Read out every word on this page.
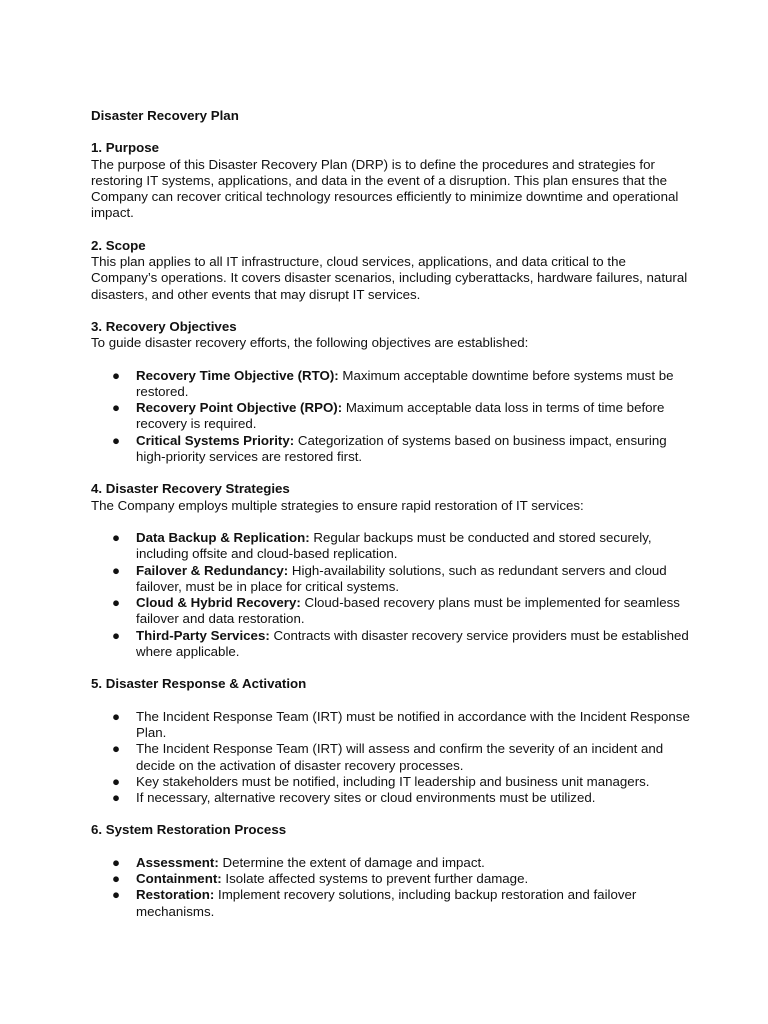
Disaster Recovery Plan

1. Purpose

The purpose of this Disaster Recovery Plan (DRP) is to define the procedures and strategies for restoring IT systems, applications, and data in the event of a disruption. This plan ensures that the Company can recover critical technology resources efficiently to minimize downtime and operational impact.

2. Scope

This plan applies to all IT infrastructure, cloud services, applications, and data critical to the Company’s operations. It covers disaster scenarios, including cyberattacks, hardware failures, natural disasters, and other events that may disrupt IT services.

3. Recovery Objectives

To guide disaster recovery efforts, the following objectives are established:

● Recovery Time Objective (RTO): Maximum acceptable downtime before systems must be restored.
● Recovery Point Objective (RPO): Maximum acceptable data loss in terms of time before recovery is required.
● Critical Systems Priority: Categorization of systems based on business impact, ensuring high-priority services are restored first.

4. Disaster Recovery Strategies

The Company employs multiple strategies to ensure rapid restoration of IT services:

● Data Backup & Replication: Regular backups must be conducted and stored securely, including offsite and cloud-based replication.
● Failover & Redundancy: High-availability solutions, such as redundant servers and cloud failover, must be in place for critical systems.
● Cloud & Hybrid Recovery: Cloud-based recovery plans must be implemented for seamless failover and data restoration.
● Third-Party Services: Contracts with disaster recovery service providers must be established where applicable.

5. Disaster Response & Activation

● The Incident Response Team (IRT) must be notified in accordance with the Incident Response Plan.
● The Incident Response Team (IRT) will assess and confirm the severity of an incident and decide on the activation of disaster recovery processes.
● Key stakeholders must be notified, including IT leadership and business unit managers.
● If necessary, alternative recovery sites or cloud environments must be utilized.

6. System Restoration Process

● Assessment: Determine the extent of damage and impact.
● Containment: Isolate affected systems to prevent further damage.
● Restoration: Implement recovery solutions, including backup restoration and failover mechanisms.
